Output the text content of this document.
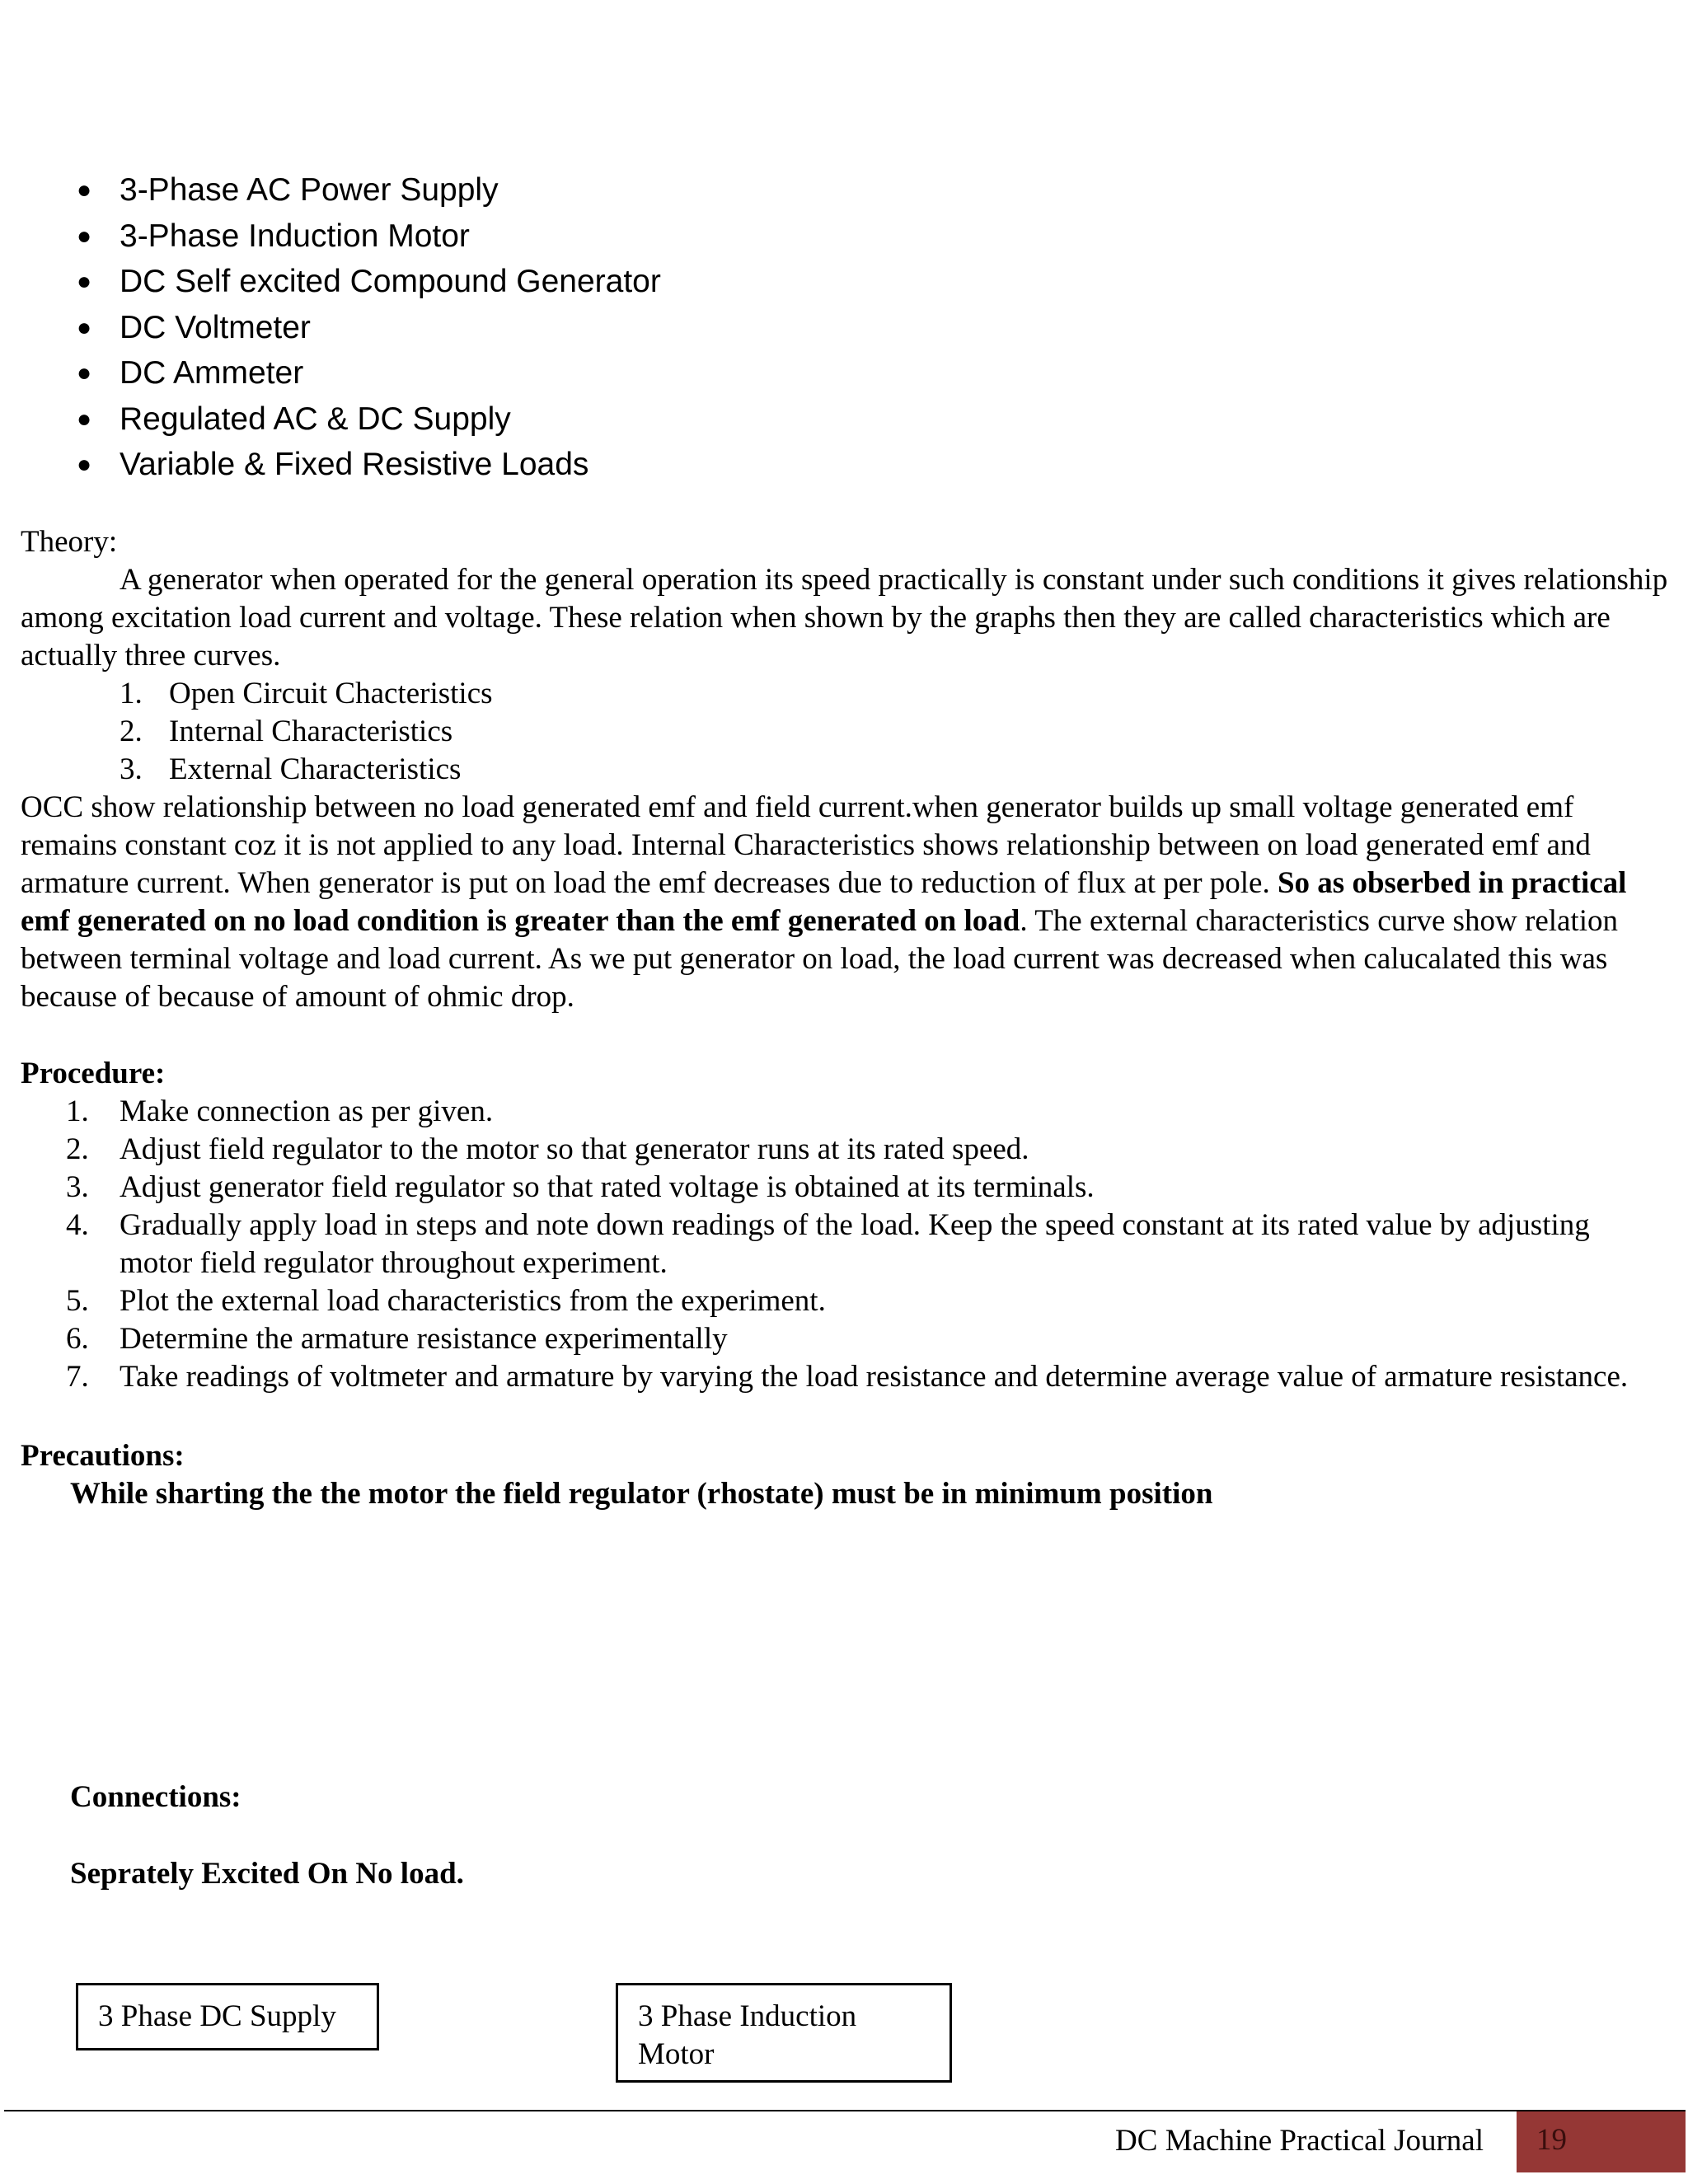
● 3-Phase AC Power Supply
● 3-Phase Induction Motor
● DC Self excited Compound Generator
● DC Voltmeter
● DC Ammeter
● Regulated AC & DC Supply
● Variable & Fixed Resistive Loads

Theory:

A generator when operated for the general operation its speed practically is constant under such conditions it gives relationship among excitation load current and voltage. These relation when shown by the graphs then they are called characteristics which are actually three curves.

1. Open Circuit Chacteristics
2. Internal Characteristics
3. External Characteristics

OCC show relationship between no load generated emf and field current.when generator builds up small voltage generated emf remains constant coz it is not applied to any load. Internal Characteristics shows relationship between on load generated emf and armature current. When generator is put on load the emf decreases due to reduction of flux at per pole. So as obserbed in practical emf generated on no load condition is greater than the emf generated on load. The external characteristics curve show relation between terminal voltage and load current. As we put generator on load, the load current was decreased when calucalated this was because of because of amount of ohmic drop.

Procedure:

1.	Make connection as per given.
2.	Adjust field regulator to the motor so that generator runs at its rated speed.
3.	Adjust generator field regulator so that rated voltage is obtained at its terminals.
4.	Gradually apply load in steps and note down readings of the load. Keep the speed constant at its rated value by adjusting motor field regulator throughout experiment.
5.	Plot the external load characteristics from the experiment.
6.	Determine the armature resistance experimentally
7.	Take readings of voltmeter and armature by varying the load resistance and determine average value of armature resistance.

Precautions:

While sharting the the motor the field regulator (rhostate) must be in minimum position
Connections:
Seprately Excited On No load.
3 Phase DC Supply	3 Phase Induction Motor
DC Machine Practical Journal	19
